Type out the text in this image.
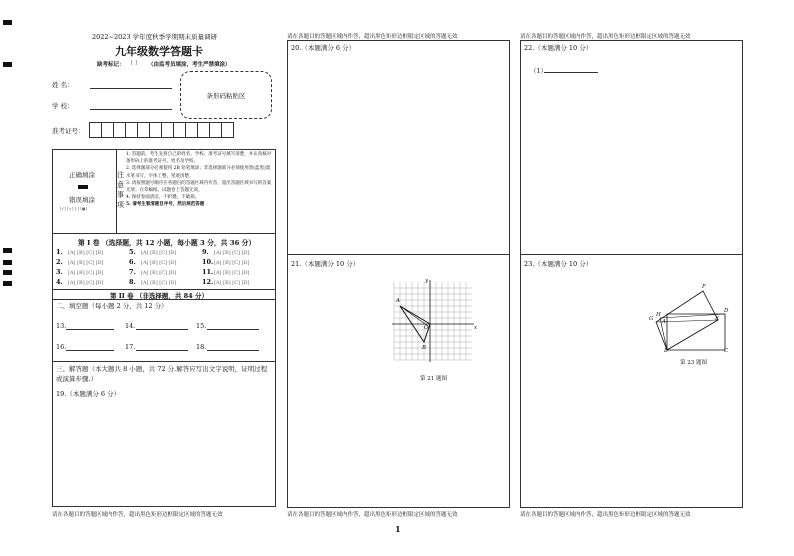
2022~2023 学年度秋季学期期末质量调研
九年级数学答题卡
缺考标记： [ ] （由监考员填涂，考生严禁填涂）
姓 名：
学 校：
准考证号：
条形码粘贴区
正确填涂
错误填涂
[√] [×] [-] [●]
注意事项
1. 答题前，考生先将自己的姓名、学校、准考证号填写清楚，并认真核对条形码上的准考证号、姓名及学校。
2. 选择题部分必须使用 2B 铅笔填涂；非选择题部分必须使用黑(蓝黑)墨水笔书写，字体工整、笔迹清楚。
3. 请按照题号顺序在各题目的答题区域内作答，超出答题区域书写的答案无效；在草稿纸、试题卷上答题无效。
4. 保持卷面清洁，不折叠、不破损。
5. 请考生看清题目序号，然后规范答题
第 I 卷 （选择题，共 12 小题，每小题 3 分，共 36 分）
1. [A] [B] [C] [D]
2. [A] [B] [C] [D]
3. [A] [B] [C] [D]
4. [A] [B] [C] [D]
5. [A] [B] [C] [D]
6. [A] [B] [C] [D]
7. [A] [B] [C] [D]
8. [A] [B] [C] [D]
9. [A] [B] [C] [D]
10.[A] [B] [C] [D]
11.[A] [B] [C] [D]
12.[A] [B] [C] [D]
第 II 卷 （非选择题，共 84 分）
二、填空题（每小题 2 分，共 12 分）
13.	14.	15.
16.	17.	18.
三、解答题（本大题共 8 小题，共 72 分.解答应写出文字说明，证明过程或演算步骤.）
19.（本题满分 6 分）
请在各题目的答题区域内作答，超出黑色矩形边框限定区域的答题无效
请在各题目的答题区域内作答，超出黑色矩形边框限定区域的答题无效
20.（本题满分 6 分）
21.（本题满分 10 分）
y
x
A
O
B
第 21 题图
请在各题目的答题区域内作答，超出黑色矩形边框限定区域的答题无效
1
请在各题目的答题区域内作答，超出黑色矩形边框限定区域的答题无效
22.（本题满分 10 分）
（1）
23.（本题满分 10 分）
F
G
H
D
E
A
B	C
第 23 题图
请在各题目的答题区域内作答，超出黑色矩形边框限定区域的答题无效
